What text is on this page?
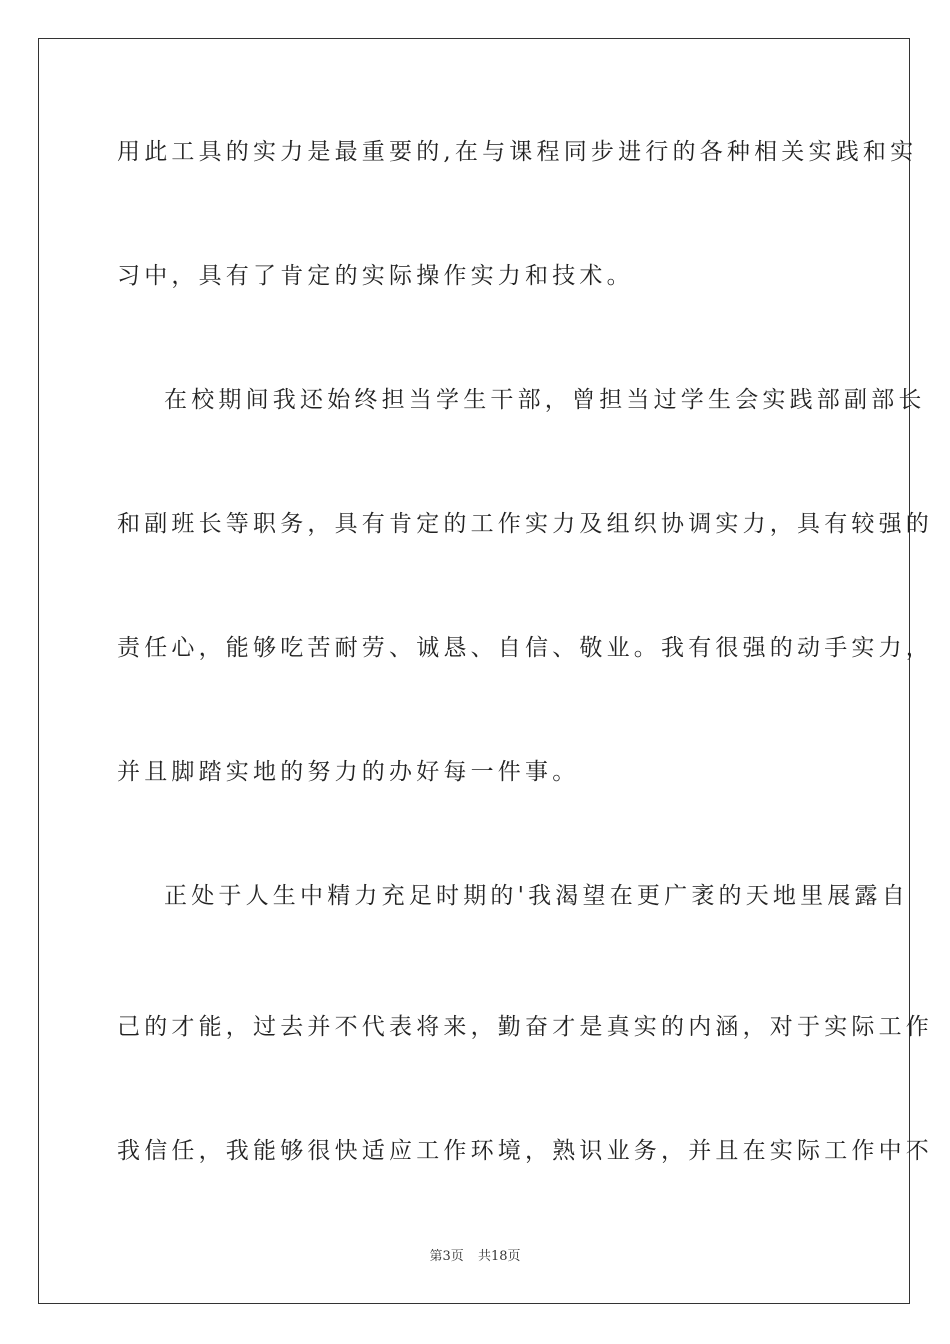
用此工具的实力是最重要的,在与课程同步进行的各种相关实践和实
习中，具有了肯定的实际操作实力和技术。
在校期间我还始终担当学生干部，曾担当过学生会实践部副部长
和副班长等职务，具有肯定的工作实力及组织协调实力，具有较强的
责任心，能够吃苦耐劳、诚恳、自信、敬业。我有很强的动手实力，
并且脚踏实地的努力的办好每一件事。
正处于人生中精力充足时期的'我渴望在更广袤的天地里展露自
己的才能，过去并不代表将来，勤奋才是真实的内涵，对于实际工作
我信任，我能够很快适应工作环境，熟识业务，并且在实际工作中不
第3页 共18页
